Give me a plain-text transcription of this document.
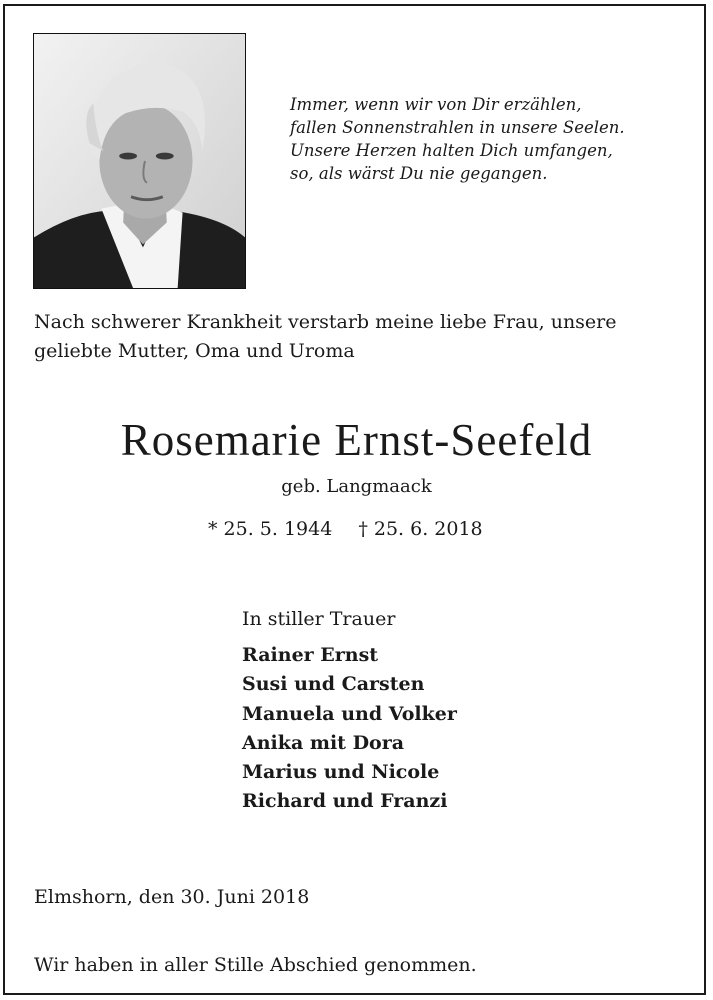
Immer, wenn wir von Dir erzählen,
fallen Sonnenstrahlen in unsere Seelen.
Unsere Herzen halten Dich umfangen,
so, als wärst Du nie gegangen.
Nach schwerer Krankheit verstarb meine liebe Frau, unsere
geliebte Mutter, Oma und Uroma
Rosemarie Ernst-Seefeld
geb. Langmaack
* 25. 5. 1944 † 25. 6. 2018
In stiller Trauer
Rainer Ernst
Susi und Carsten
Manuela und Volker
Anika mit Dora
Marius und Nicole
Richard und Franzi
Elmshorn, den 30. Juni 2018
Wir haben in aller Stille Abschied genommen.
